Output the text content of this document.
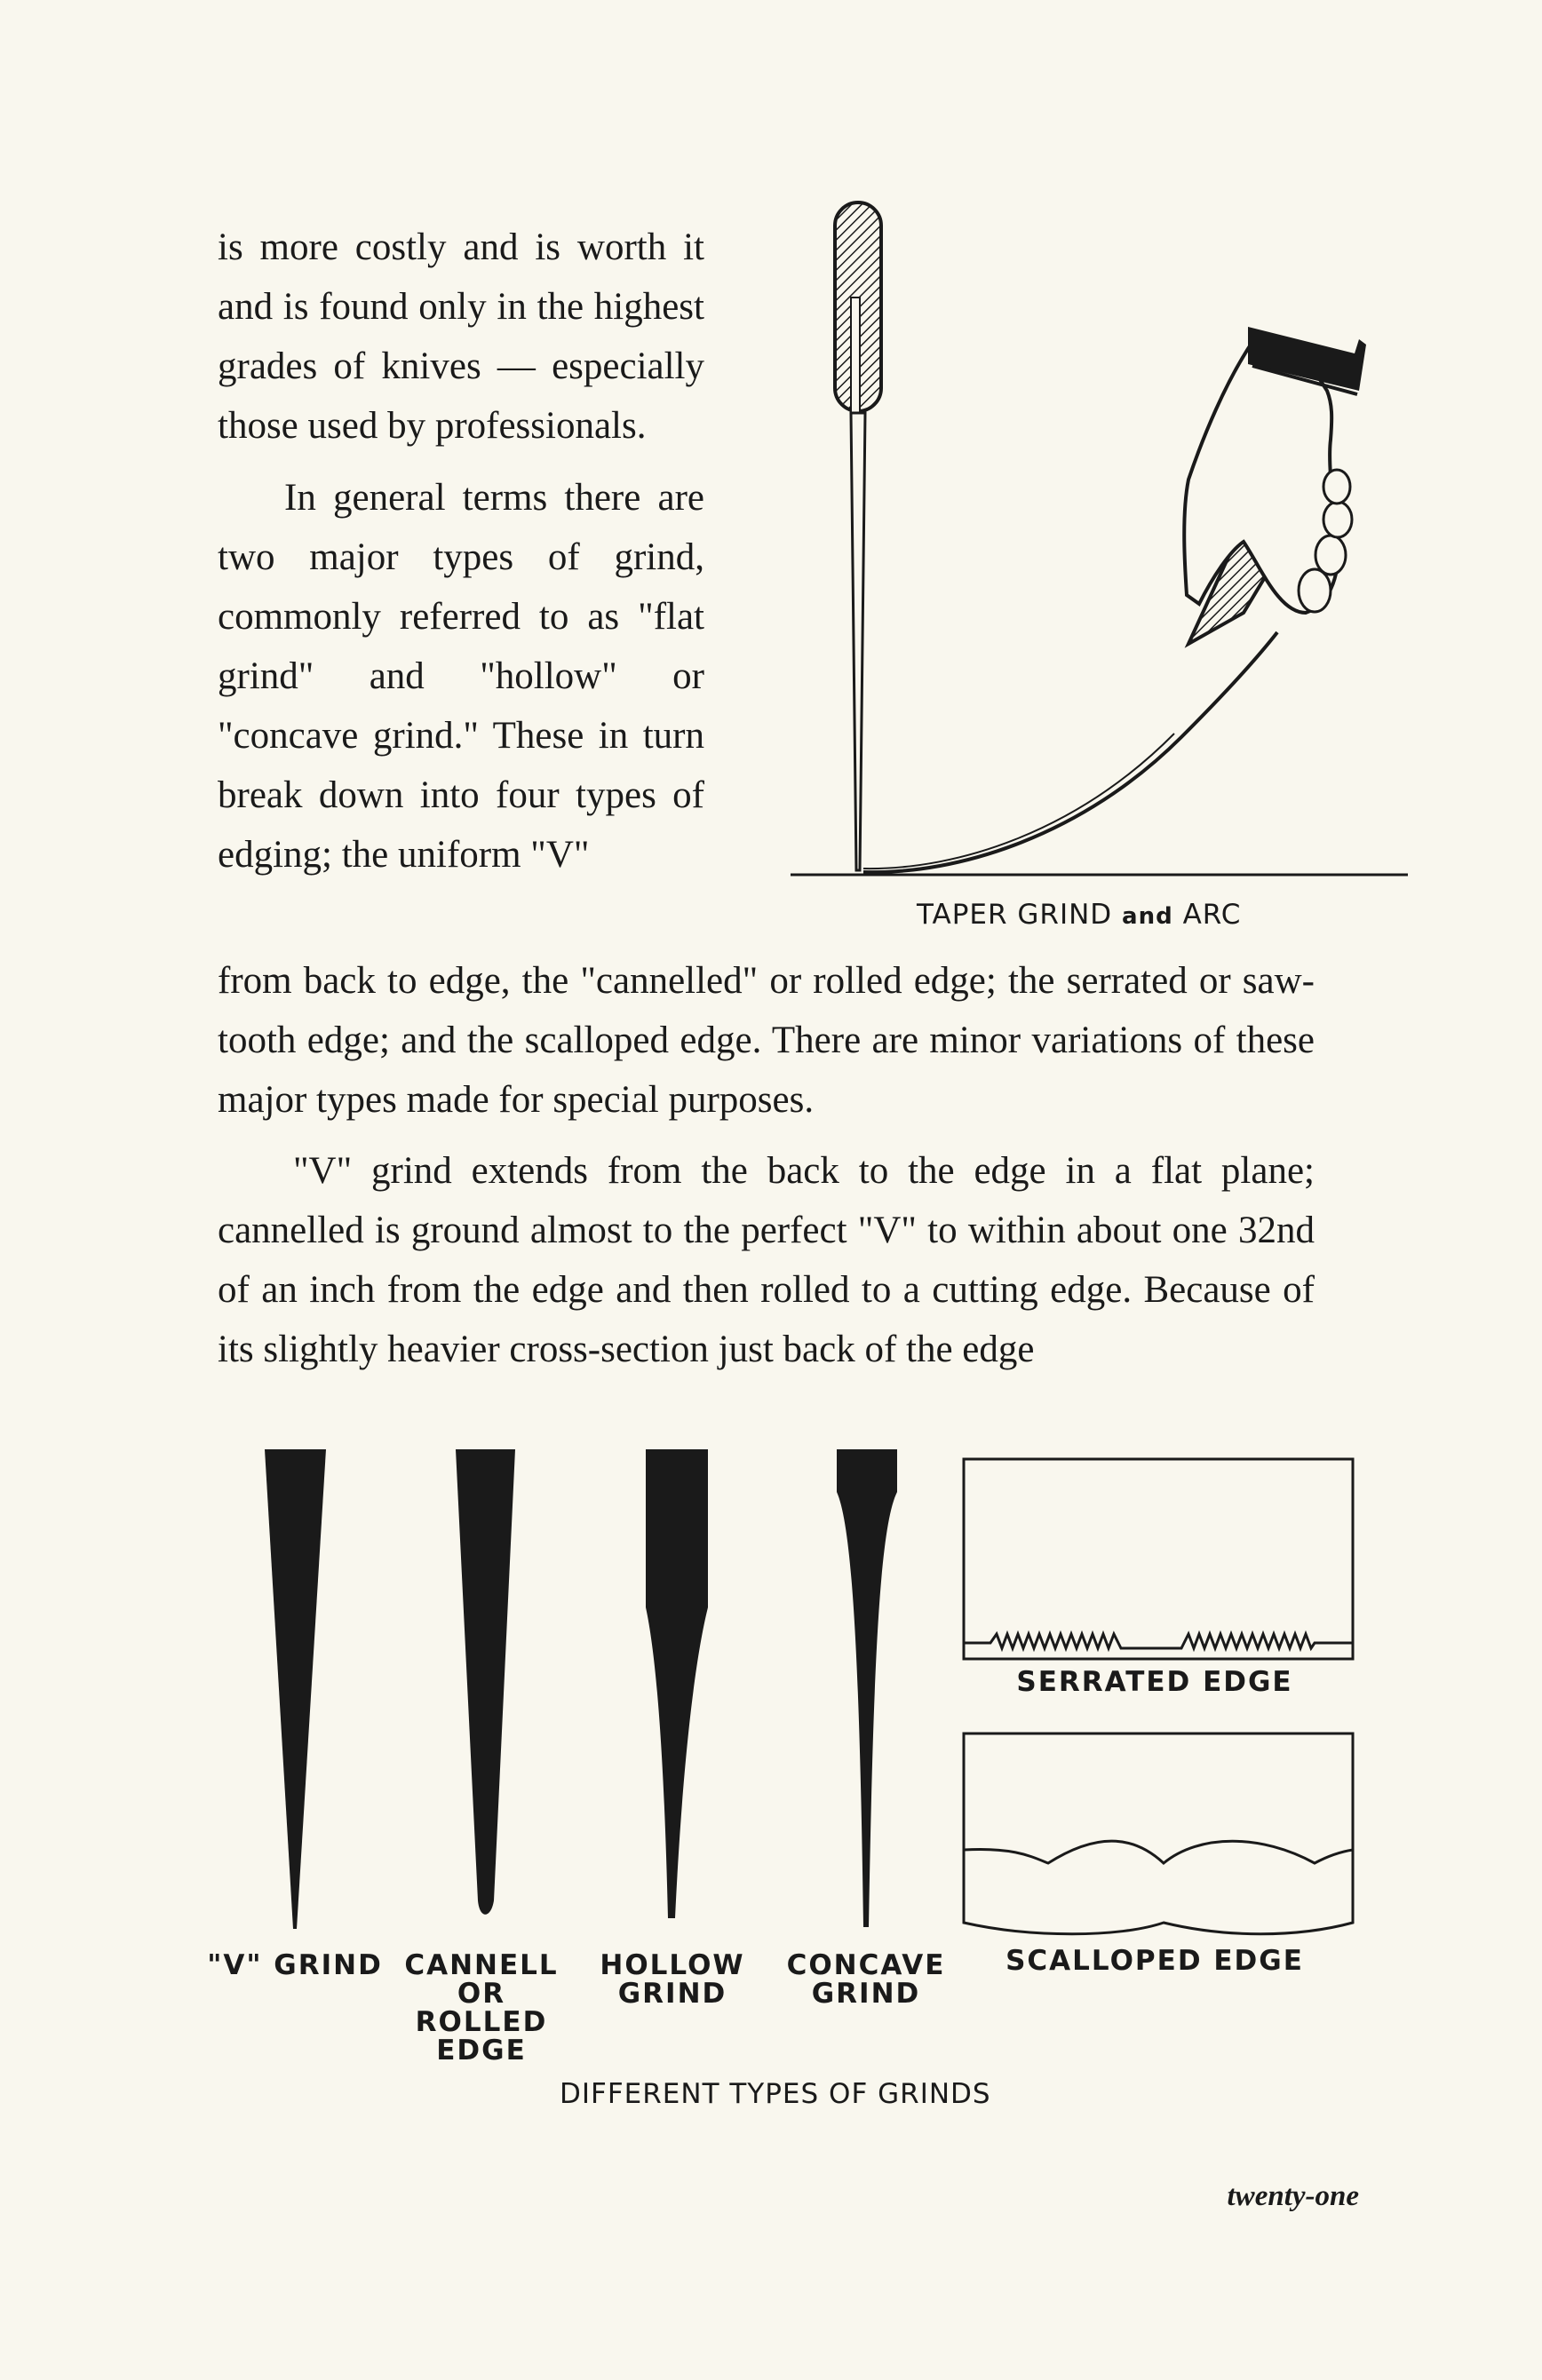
is more costly and is worth it and is found only in the highest grades of knives — especially those used by professionals.

In general terms there are two major types of grind, commonly referred to as "flat grind" and "hollow" or "concave grind." These in turn break down into four types of edging; the uniform "V"

from back to edge, the "cannelled" or rolled edge; the serrated or saw-tooth edge; and the scalloped edge. There are minor variations of these major types made for special purposes.

"V" grind extends from the back to the edge in a flat plane; cannelled is ground almost to the perfect "V" to within about one 32nd of an inch from the edge and then rolled to a cutting edge. Because of its slightly heavier cross-section just back of the edge

TAPER GRIND and ARC
"V" GRIND CANNELL
OR
ROLLED
EDGE
HOLLOW
GRIND
CONCAVE
GRIND
SERRATED EDGE
SCALLOPED EDGE
DIFFERENT TYPES OF GRINDS
twenty-one
